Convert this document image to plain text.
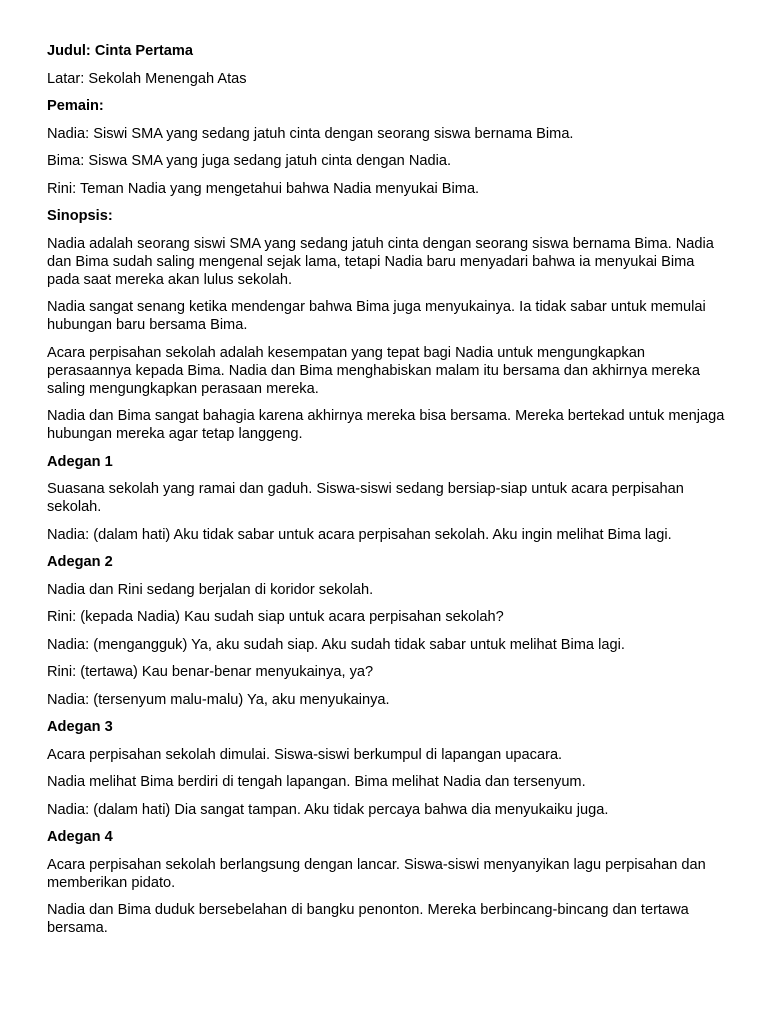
Judul: Cinta Pertama

Latar: Sekolah Menengah Atas

Pemain:

Nadia: Siswi SMA yang sedang jatuh cinta dengan seorang siswa bernama Bima.

Bima: Siswa SMA yang juga sedang jatuh cinta dengan Nadia.

Rini: Teman Nadia yang mengetahui bahwa Nadia menyukai Bima.

Sinopsis:

Nadia adalah seorang siswi SMA yang sedang jatuh cinta dengan seorang siswa bernama Bima. Nadia dan Bima sudah saling mengenal sejak lama, tetapi Nadia baru menyadari bahwa ia menyukai Bima pada saat mereka akan lulus sekolah.

Nadia sangat senang ketika mendengar bahwa Bima juga menyukainya. Ia tidak sabar untuk memulai hubungan baru bersama Bima.

Acara perpisahan sekolah adalah kesempatan yang tepat bagi Nadia untuk mengungkapkan perasaannya kepada Bima. Nadia dan Bima menghabiskan malam itu bersama dan akhirnya mereka saling mengungkapkan perasaan mereka.

Nadia dan Bima sangat bahagia karena akhirnya mereka bisa bersama. Mereka bertekad untuk menjaga hubungan mereka agar tetap langgeng.

Adegan 1

Suasana sekolah yang ramai dan gaduh. Siswa-siswi sedang bersiap-siap untuk acara perpisahan sekolah.

Nadia: (dalam hati) Aku tidak sabar untuk acara perpisahan sekolah. Aku ingin melihat Bima lagi.

Adegan 2

Nadia dan Rini sedang berjalan di koridor sekolah.

Rini: (kepada Nadia) Kau sudah siap untuk acara perpisahan sekolah?

Nadia: (mengangguk) Ya, aku sudah siap. Aku sudah tidak sabar untuk melihat Bima lagi.

Rini: (tertawa) Kau benar-benar menyukainya, ya?

Nadia: (tersenyum malu-malu) Ya, aku menyukainya.

Adegan 3

Acara perpisahan sekolah dimulai. Siswa-siswi berkumpul di lapangan upacara.

Nadia melihat Bima berdiri di tengah lapangan. Bima melihat Nadia dan tersenyum.

Nadia: (dalam hati) Dia sangat tampan. Aku tidak percaya bahwa dia menyukaiku juga.

Adegan 4

Acara perpisahan sekolah berlangsung dengan lancar. Siswa-siswi menyanyikan lagu perpisahan dan memberikan pidato.

Nadia dan Bima duduk bersebelahan di bangku penonton. Mereka berbincang-bincang dan tertawa bersama.
